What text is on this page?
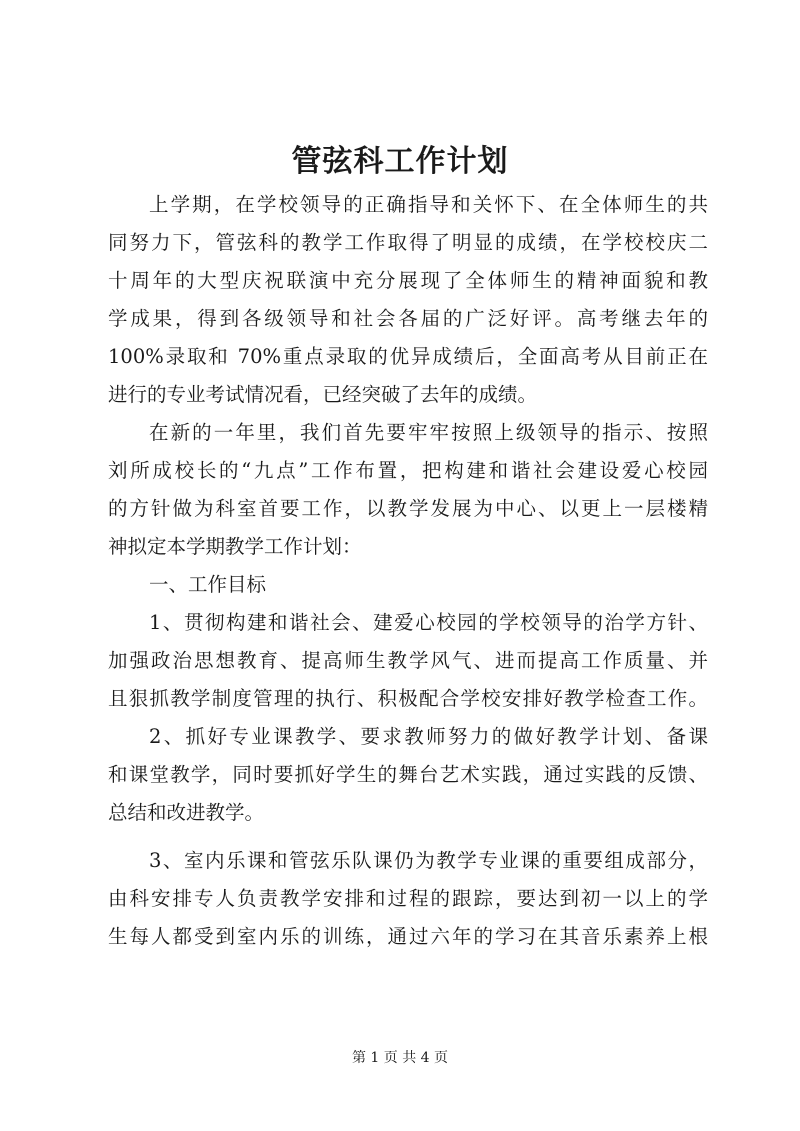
管弦科工作计划
上学期，在学校领导的正确指导和关怀下、在全体师生的共
同努力下，管弦科的教学工作取得了明显的成绩，在学校校庆二
十周年的大型庆祝联演中充分展现了全体师生的精神面貌和教
学成果，得到各级领导和社会各届的广泛好评。高考继去年的
100%录取和 70%重点录取的优异成绩后，全面高考从目前正在
进行的专业考试情况看，已经突破了去年的成绩。
在新的一年里，我们首先要牢牢按照上级领导的指示、按照
刘所成校长的“九点”工作布置，把构建和谐社会建设爱心校园
的方针做为科室首要工作，以教学发展为中心、以更上一层楼精
神拟定本学期教学工作计划：
一、工作目标
1、贯彻构建和谐社会、建爱心校园的学校领导的治学方针、
加强政治思想教育、提高师生教学风气、进而提高工作质量、并
且狠抓教学制度管理的执行、积极配合学校安排好教学检查工作。
2、抓好专业课教学、要求教师努力的做好教学计划、备课
和课堂教学，同时要抓好学生的舞台艺术实践，通过实践的反馈、
总结和改进教学。
3、室内乐课和管弦乐队课仍为教学专业课的重要组成部分，
由科安排专人负责教学安排和过程的跟踪，要达到初一以上的学
生每人都受到室内乐的训练，通过六年的学习在其音乐素养上根
第 1 页 共 4 页
